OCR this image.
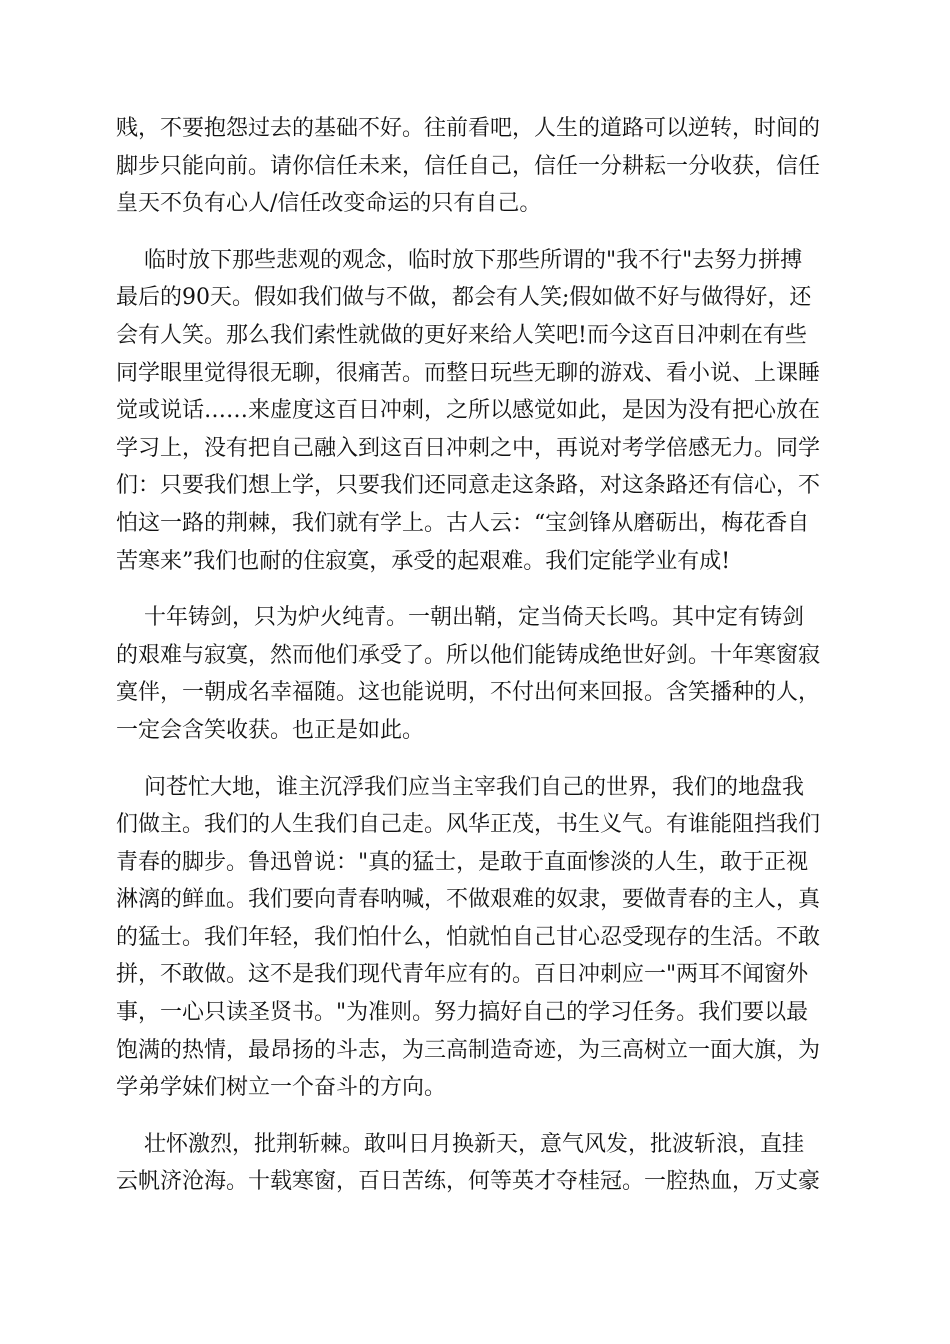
贱，不要抱怨过去的基础不好。往前看吧，人生的道路可以逆转，时间的
脚步只能向前。请你信任未来，信任自己，信任一分耕耘一分收获，信任
皇天不负有心人/信任改变命运的只有自己。
临时放下那些悲观的观念，临时放下那些所谓的"我不行"去努力拼搏
最后的90天。假如我们做与不做，都会有人笑;假如做不好与做得好，还
会有人笑。那么我们索性就做的更好来给人笑吧!而今这百日冲刺在有些
同学眼里觉得很无聊，很痛苦。而整日玩些无聊的游戏、看小说、上课睡
觉或说话……来虚度这百日冲刺，之所以感觉如此，是因为没有把心放在
学习上，没有把自己融入到这百日冲刺之中，再说对考学倍感无力。同学
们：只要我们想上学，只要我们还同意走这条路，对这条路还有信心，不
怕这一路的荆棘，我们就有学上。古人云：“宝剑锋从磨砺出，梅花香自
苦寒来”我们也耐的住寂寞，承受的起艰难。我们定能学业有成!
十年铸剑，只为炉火纯青。一朝出鞘，定当倚天长鸣。其中定有铸剑
的艰难与寂寞，然而他们承受了。所以他们能铸成绝世好剑。十年寒窗寂
寞伴，一朝成名幸福随。这也能说明，不付出何来回报。含笑播种的人，
一定会含笑收获。也正是如此。
问苍忙大地，谁主沉浮我们应当主宰我们自己的世界，我们的地盘我
们做主。我们的人生我们自己走。风华正茂，书生义气。有谁能阻挡我们
青春的脚步。鲁迅曾说："真的猛士，是敢于直面惨淡的人生，敢于正视
淋漓的鲜血。我们要向青春呐喊，不做艰难的奴隶，要做青春的主人，真
的猛士。我们年轻，我们怕什么，怕就怕自己甘心忍受现存的生活。不敢
拼，不敢做。这不是我们现代青年应有的。百日冲刺应一"两耳不闻窗外
事，一心只读圣贤书。"为准则。努力搞好自己的学习任务。我们要以最
饱满的热情，最昂扬的斗志，为三高制造奇迹，为三高树立一面大旗，为
学弟学妹们树立一个奋斗的方向。
壮怀激烈，批荆斩棘。敢叫日月换新天，意气风发，批波斩浪，直挂
云帆济沧海。十载寒窗，百日苦练，何等英才夺桂冠。一腔热血，万丈豪
